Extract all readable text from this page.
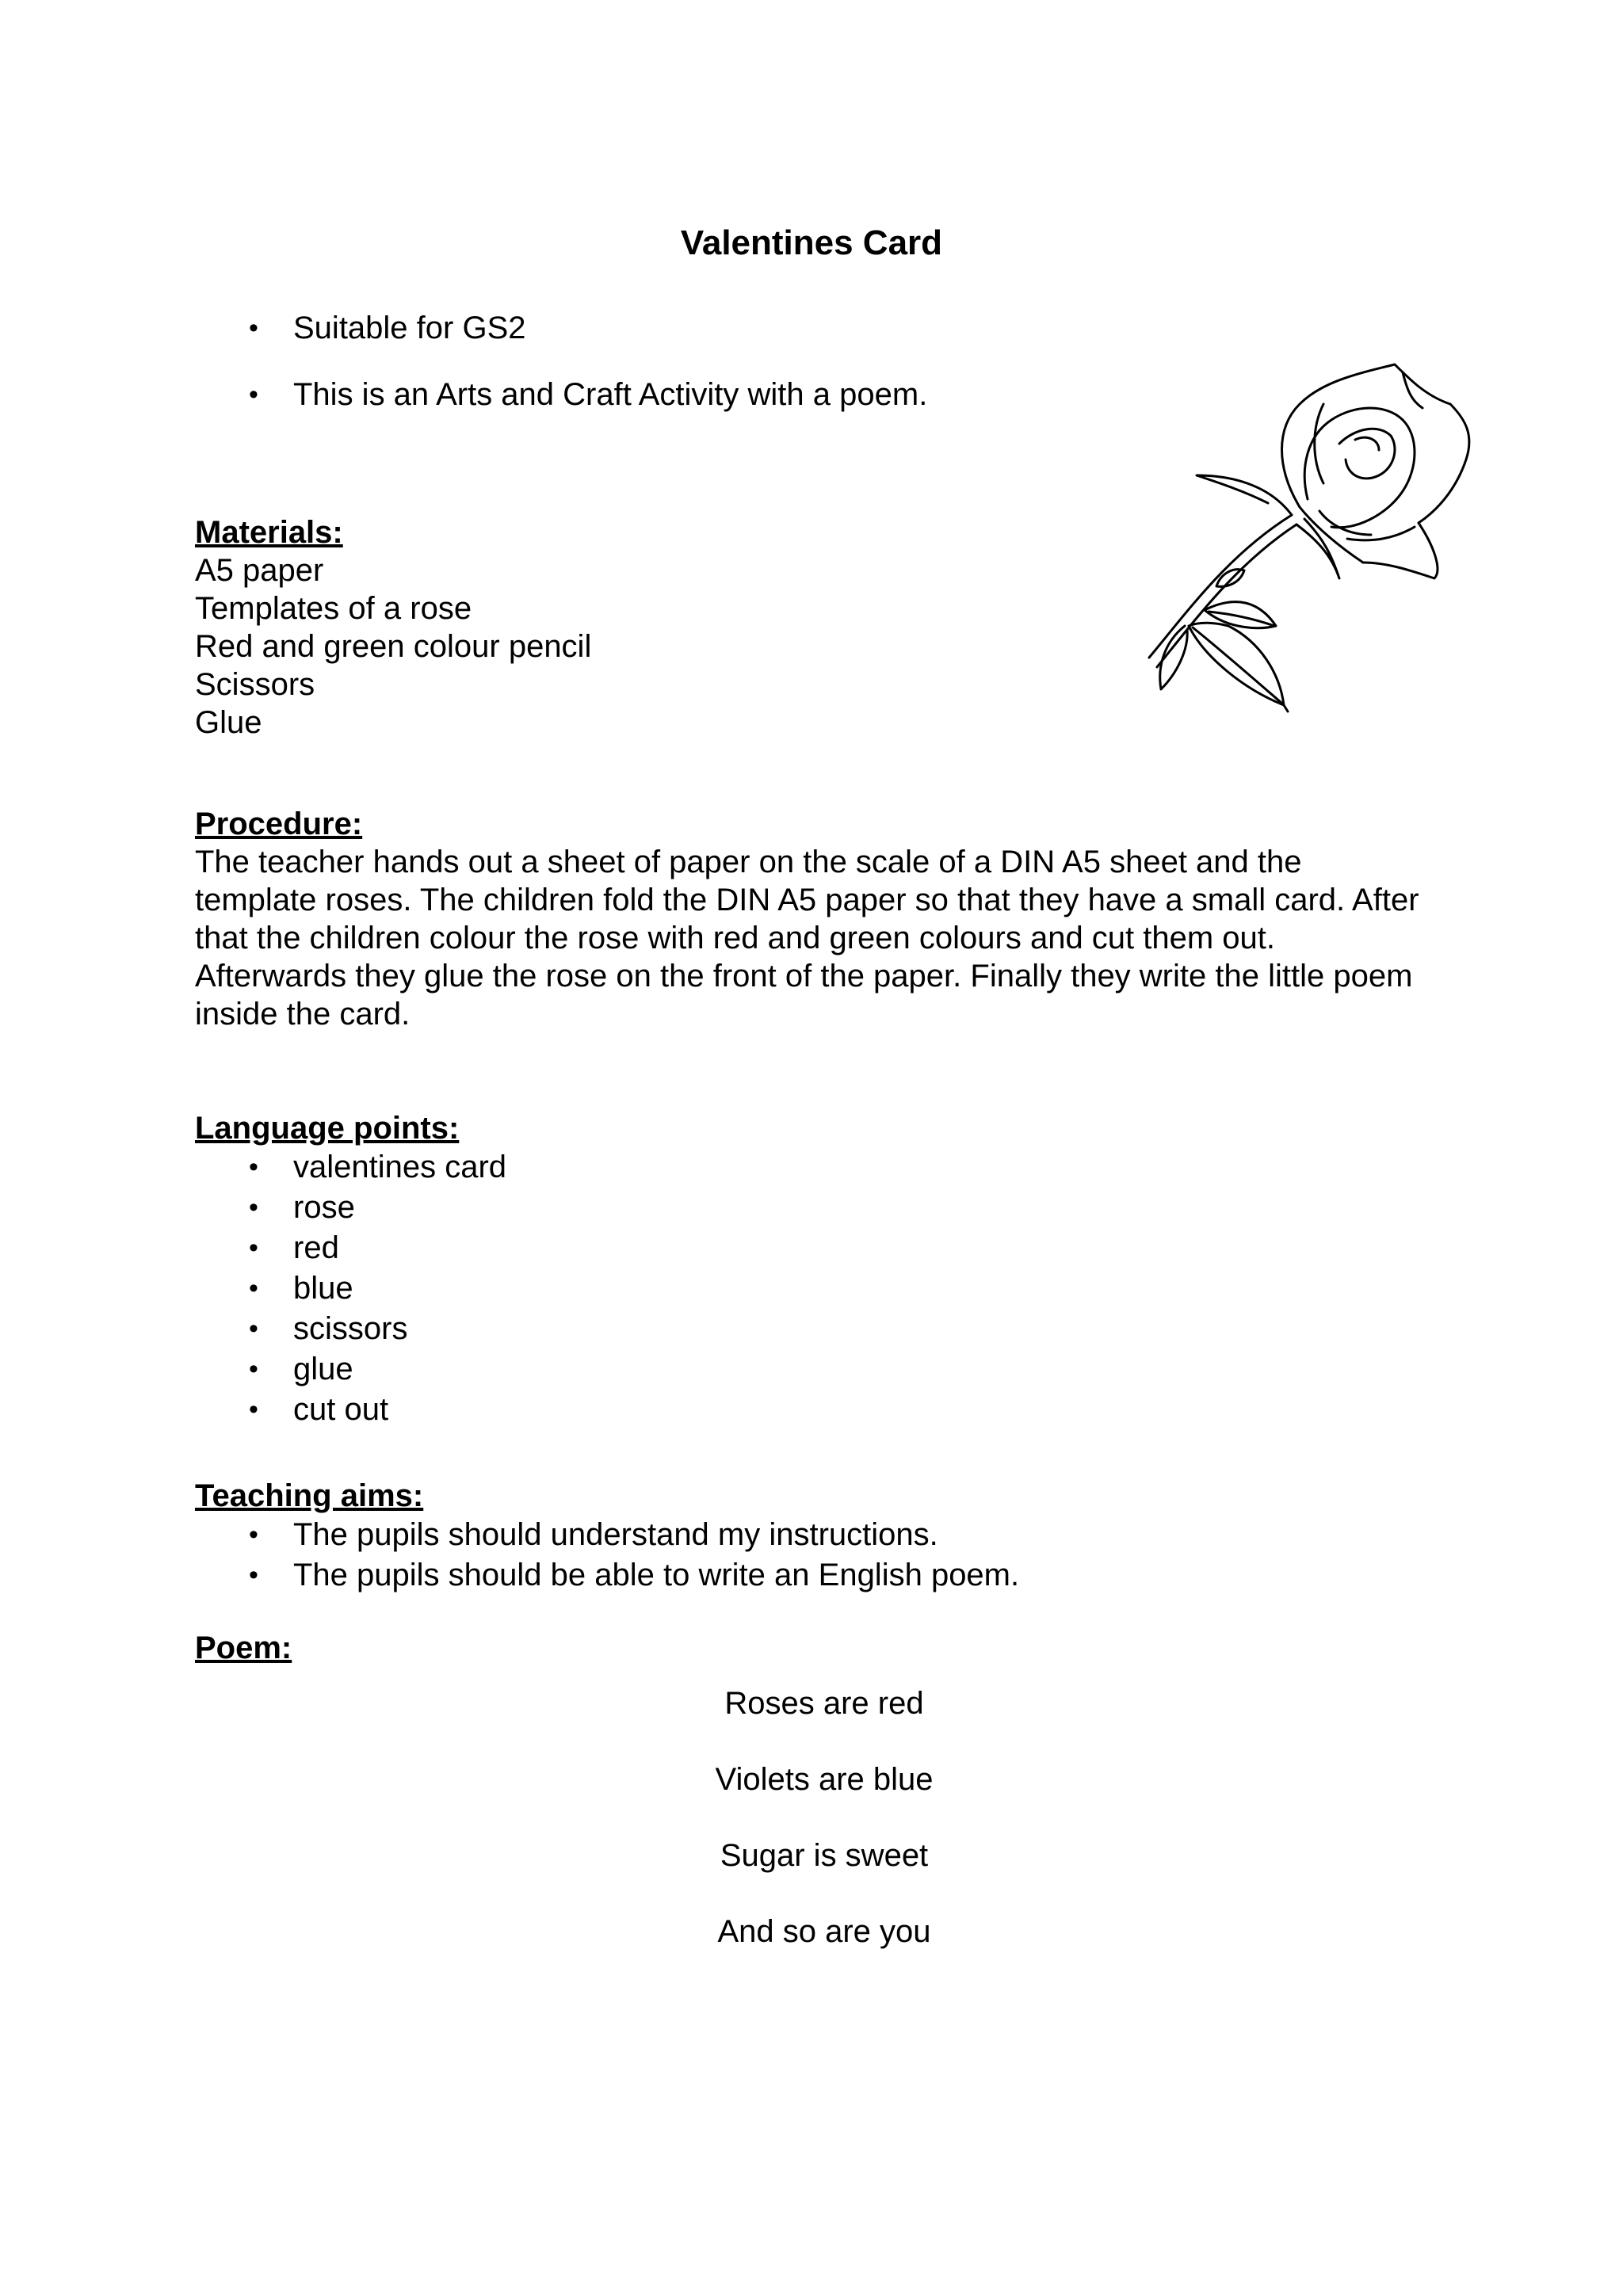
Valentines Card
• Suitable for GS2
• This is an Arts and Craft Activity with a poem.

Materials:

A5 paper
Templates of a rose
Red and green colour pencil
Scissors
Glue

Procedure:

The teacher hands out a sheet of paper on the scale of a DIN A5 sheet and the template roses. The children fold the DIN A5 paper so that they have a small card. After that the children colour the rose with red and green colours and cut them out. Afterwards they glue the rose on the front of the paper. Finally they write the little poem inside the card.

Language points:

• valentines card
• rose
• red
• blue
• scissors
• glue
• cut out

Teaching aims:

• The pupils should understand my instructions.
• The pupils should be able to write an English poem.

Poem:

Roses are red
Violets are blue
Sugar is sweet
And so are you
